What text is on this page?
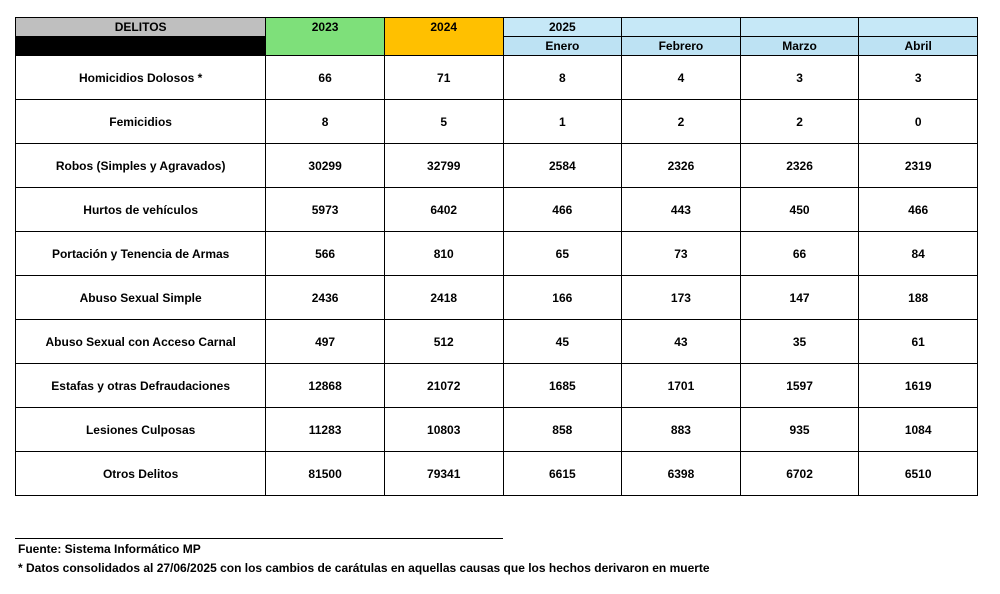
DELITOS	2023	2024	2025			
			Enero	Febrero	Marzo	Abril
Homicidios Dolosos *	66	71	8	4	3	3
Femicidios	8	5	1	2	2	0
Robos (Simples y Agravados)	30299	32799	2584	2326	2326	2319
Hurtos de vehículos	5973	6402	466	443	450	466
Portación y Tenencia de Armas	566	810	65	73	66	84
Abuso Sexual Simple	2436	2418	166	173	147	188
Abuso Sexual con Acceso Carnal	497	512	45	43	35	61
Estafas y otras Defraudaciones	12868	21072	1685	1701	1597	1619
Lesiones Culposas	11283	10803	858	883	935	1084
Otros Delitos	81500	79341	6615	6398	6702	6510
Fuente: Sistema Informático MP
* Datos consolidados al 27/06/2025 con los cambios de carátulas en aquellas causas que los hechos derivaron en muerte
